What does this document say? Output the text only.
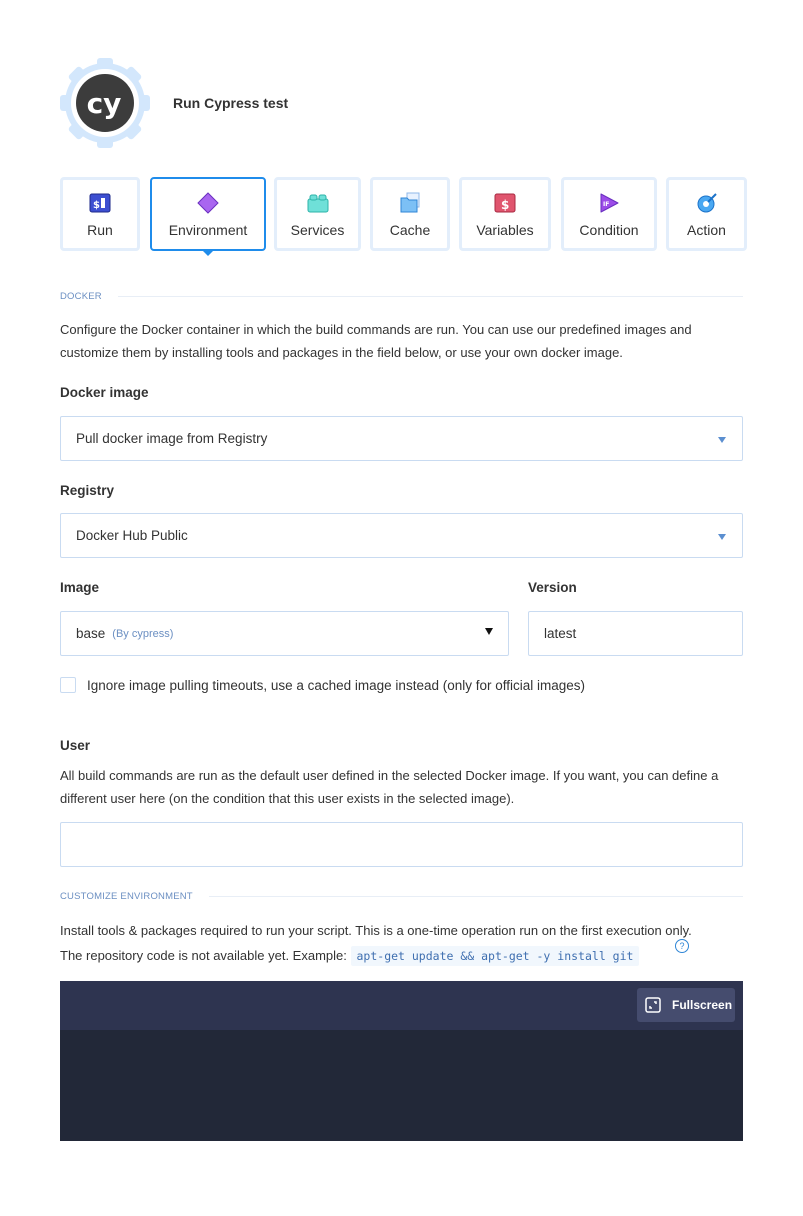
cy	Run Cypress test
$
Run	Environment	Services	Cache
$
Variables
IF
Condition	Action
DOCKER
Configure the Docker container in which the build commands are run. You can use our predefined images and customize them by installing tools and packages in the field below, or use your own docker image.
Docker image
Pull docker image from Registry
Registry
Docker Hub Public
Image	Version
base (By cypress)	latest
Ignore image pulling timeouts, use a cached image instead (only for official images)
User
All build commands are run as the default user defined in the selected Docker image. If you want, you can define a different user here (on the condition that this user exists in the selected image).
CUSTOMIZE ENVIRONMENT
Install tools & packages required to run your script. This is a one-time operation run on the first execution only.
The repository code is not available yet. Example: apt-get update && apt-get -y install git
?
Fullscreen
